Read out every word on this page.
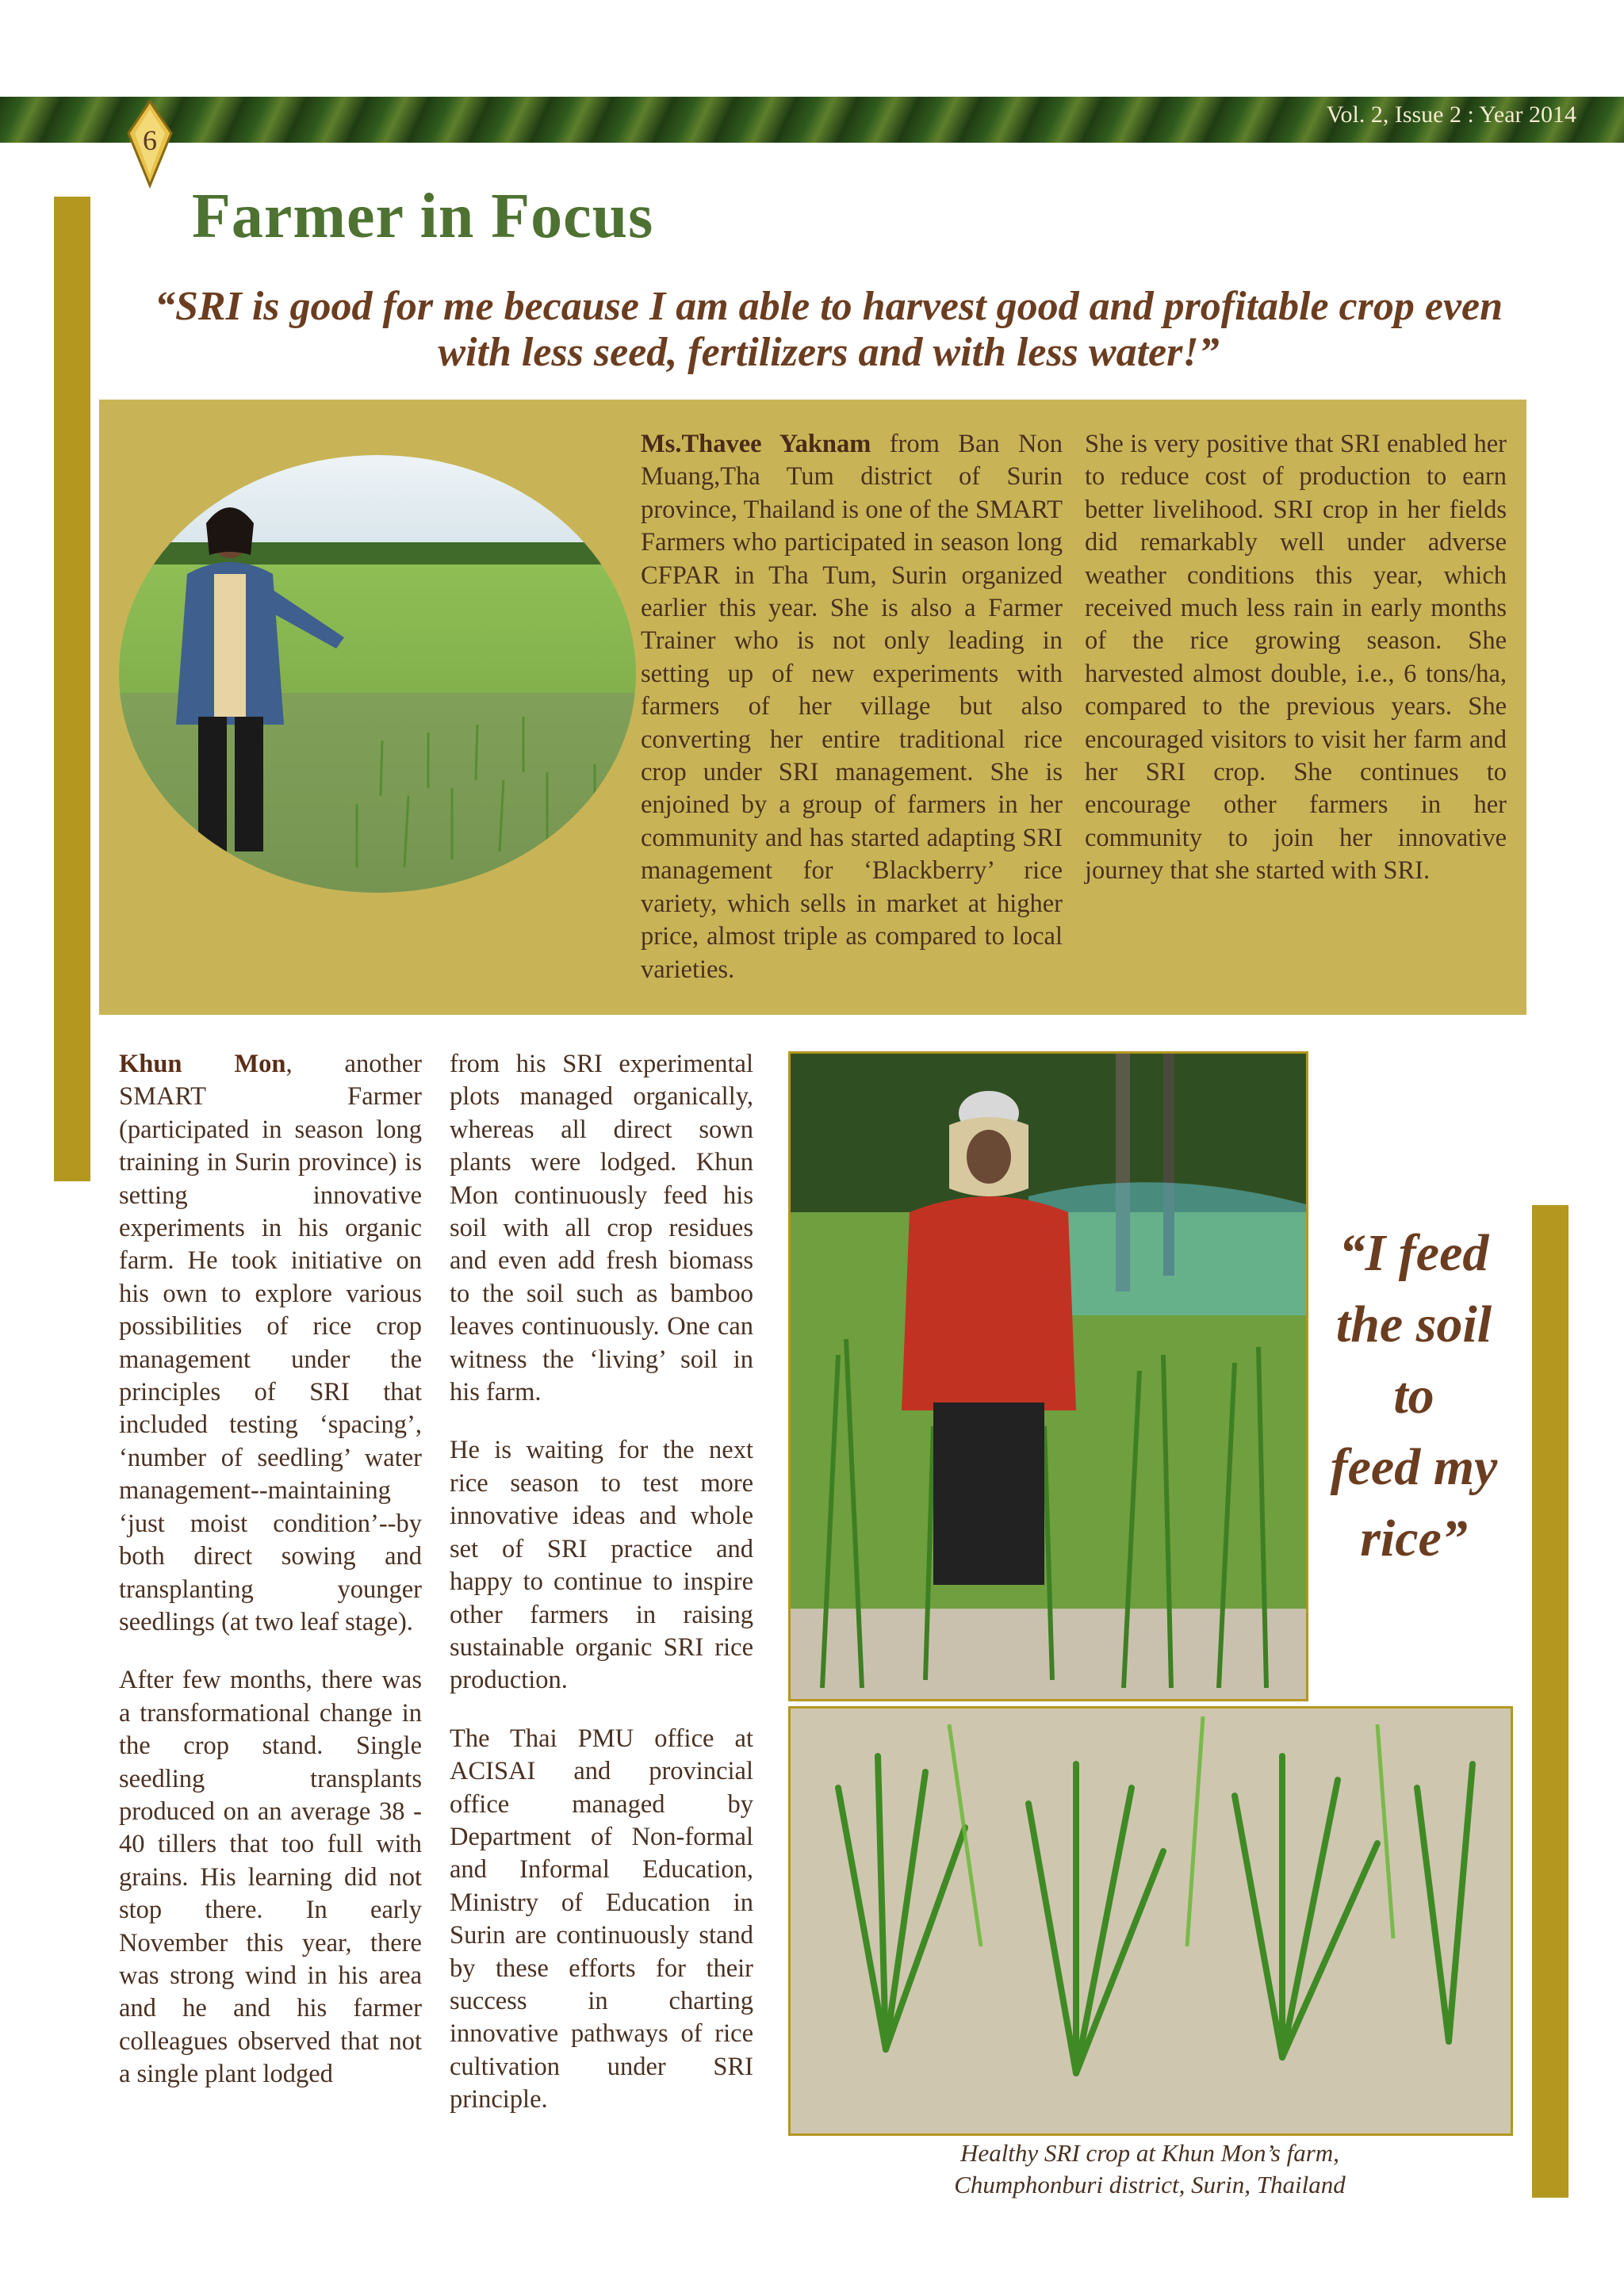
Vol. 2, Issue 2 : Year 2014
6
Farmer in Focus
“SRI is good for me because I am able to harvest good and profitable crop even with less seed, fertilizers and with less water!”

Ms.Thavee Yaknam from Ban Non Muang,Tha Tum district of Surin province, Thailand is one of the SMART Farmers who participated in season long CFPAR in Tha Tum, Surin organized earlier this year. She is also a Farmer Trainer who is not only leading in setting up of new experiments with farmers of her village but also converting her entire traditional rice crop under SRI management. She is enjoined by a group of farmers in her community and has started adapting SRI management for ‘Blackberry’ rice variety, which sells in market at higher price, almost triple as compared to local varieties.

She is very positive that SRI enabled her to reduce cost of production to earn better livelihood. SRI crop in her fields did remarkably well under adverse weather conditions this year, which received much less rain in early months of the rice growing season. She harvested almost double, i.e., 6 tons/ha, compared to the previous years. She encouraged visitors to visit her farm and her SRI crop. She continues to encourage other farmers in her community to join her innovative journey that she started with SRI.

Khun Mon, another SMART Farmer (participated in season long training in Surin province) is setting innovative experiments in his organic farm. He took initiative on his own to explore various possibilities of rice crop management under the principles of SRI that included testing ‘spacing’, ‘number of seedling’ water management--maintaining ‘just moist condition’--by both direct sowing and transplanting younger seedlings (at two leaf stage).

After few months, there was a transformational change in the crop stand. Single seedling transplants produced on an average 38 - 40 tillers that too full with grains. His learning did not stop there. In early November this year, there was strong wind in his area and he and his farmer colleagues observed that not a single plant lodged

from his SRI experimental plots managed organically, whereas all direct sown plants were lodged. Khun Mon continuously feed his soil with all crop residues and even add fresh biomass to the soil such as bamboo leaves continuously. One can witness the ‘living’ soil in his farm.

He is waiting for the next rice season to test more innovative ideas and whole set of SRI practice and happy to continue to inspire other farmers in raising sustainable organic SRI rice production.

The Thai PMU office at ACISAI and provincial office managed by Department of Non-formal and Informal Education, Ministry of Education in Surin are continuously stand by these efforts for their success in charting innovative pathways of rice cultivation under SRI principle.

“I feed
the soil
to
feed my
rice”
Healthy SRI crop at Khun Mon’s farm,
Chumphonburi district, Surin, Thailand
